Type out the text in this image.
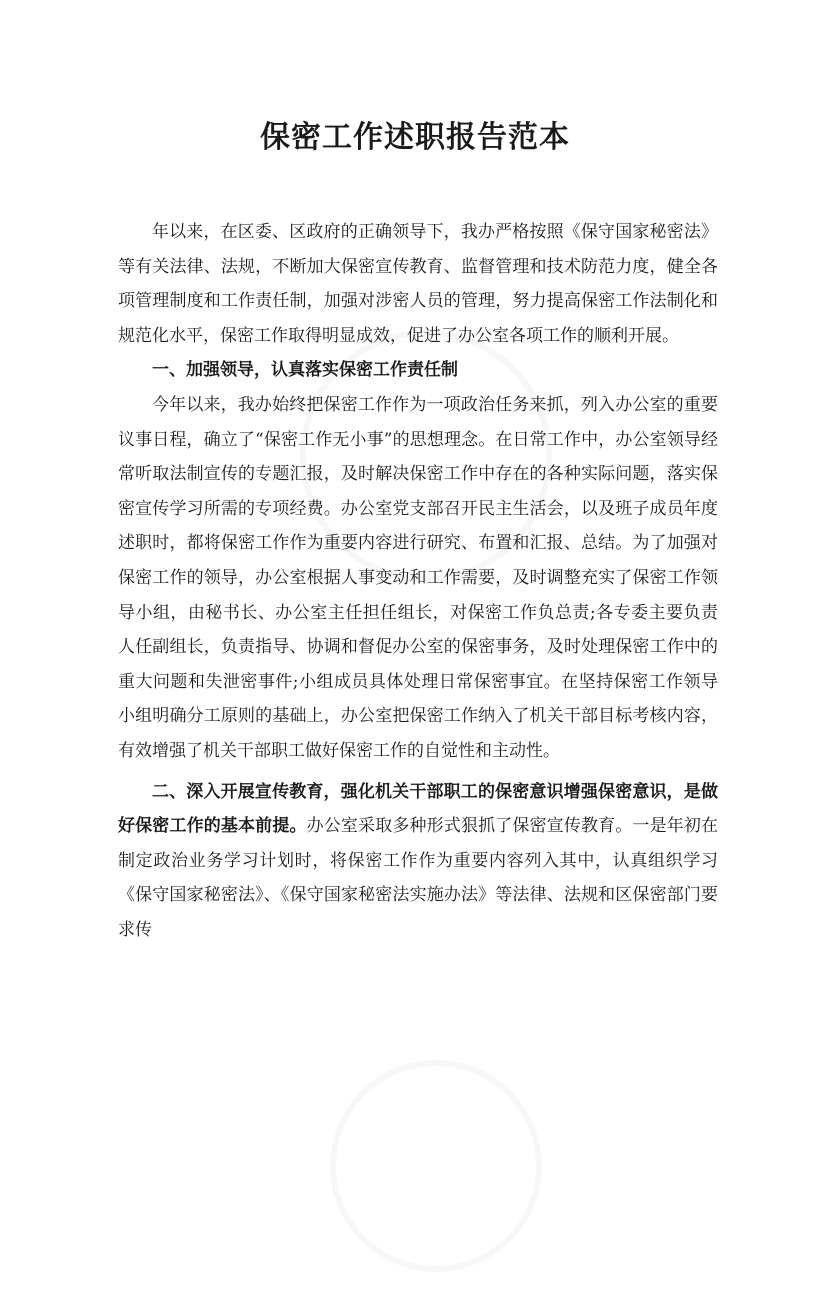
保密工作述职报告范本

年以来，在区委、区政府的正确领导下，我办严格按照《保守国家秘密法》等有关法律、法规，不断加大保密宣传教育、监督管理和技术防范力度，健全各项管理制度和工作责任制，加强对涉密人员的管理，努力提高保密工作法制化和规范化水平，保密工作取得明显成效，促进了办公室各项工作的顺利开展。

一、加强领导，认真落实保密工作责任制

今年以来，我办始终把保密工作作为一项政治任务来抓，列入办公室的重要议事日程，确立了“保密工作无小事”的思想理念。在日常工作中，办公室领导经常听取法制宣传的专题汇报，及时解决保密工作中存在的各种实际问题，落实保密宣传学习所需的专项经费。办公室党支部召开民主生活会，以及班子成员年度述职时，都将保密工作作为重要内容进行研究、布置和汇报、总结。为了加强对保密工作的领导，办公室根据人事变动和工作需要，及时调整充实了保密工作领导小组，由秘书长、办公室主任担任组长，对保密工作负总责;各专委主要负责人任副组长，负责指导、协调和督促办公室的保密事务，及时处理保密工作中的重大问题和失泄密事件;小组成员具体处理日常保密事宜。在坚持保密工作领导小组明确分工原则的基础上，办公室把保密工作纳入了机关干部目标考核内容，有效增强了机关干部职工做好保密工作的自觉性和主动性。

二、深入开展宣传教育，强化机关干部职工的保密意识增强保密意识，是做好保密工作的基本前提。办公室采取多种形式狠抓了保密宣传教育。一是年初在制定政治业务学习计划时，将保密工作作为重要内容列入其中，认真组织学习《保守国家秘密法》、《保守国家秘密法实施办法》等法律、法规和区保密部门要求传
